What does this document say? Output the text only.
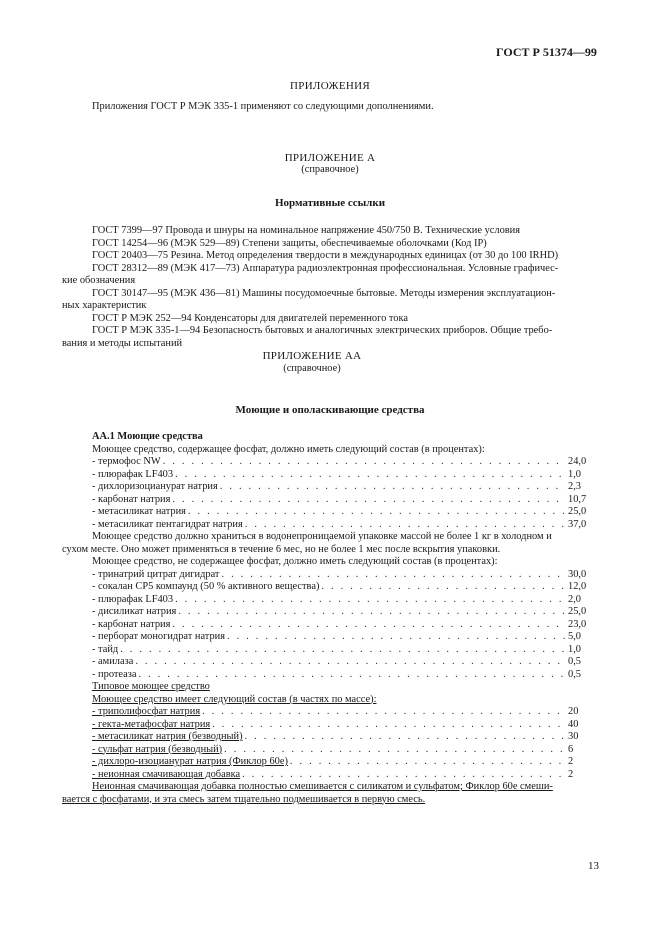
ГОСТ Р 51374—99
ПРИЛОЖЕНИЯ
Приложения ГОСТ Р МЭК 335-1 применяют со следующими дополнениями.
ПРИЛОЖЕНИЕ А
(справочное)
Нормативные ссылки
ГОСТ 7399—97 Провода и шнуры на номинальное напряжение 450/750 В. Технические условия
ГОСТ 14254—96 (МЭК 529—89) Степени защиты, обеспечиваемые оболочками (Код IP)
ГОСТ 20403—75 Резина. Метод определения твердости в международных единицах (от 30 до 100 IRHD)
ГОСТ 28312—89 (МЭК 417—73) Аппаратура радиоэлектронная профессиональная. Условные графичес-
кие обозначения
ГОСТ 30147—95 (МЭК 436—81) Машины посудомоечные бытовые. Методы измерения эксплуатацион-
ных характеристик
ГОСТ Р МЭК 252—94 Конденсаторы для двигателей переменного тока
ГОСТ Р МЭК 335-1—94 Безопасность бытовых и аналогичных электрических приборов. Общие требо-
вания и методы испытаний
ПРИЛОЖЕНИЕ АА
(справочное)
Моющие и ополаскивающие средства
АА.1 Моющие средства
Моющее средство, содержащее фосфат, должно иметь следующий состав (в процентах):
- термофос NW . . .	24,0
- плюрафак LF403 . . .	1,0
- дихлоризоцианурат натрия . . .	2,3
- карбонат натрия . . .	10,7
- метасиликат натрия . . .	25,0
- метасиликат пентагидрат натрия . . .	37,0
Моющее средство должно храниться в водонепроницаемой упаковке массой не более 1 кг в холодном и
сухом месте. Оно может применяться в течение 6 мес, но не более 1 мес после вскрытия упаковки.
Моющее средство, не содержащее фосфат, должно иметь следующий состав (в процентах):
- тринатрий цитрат дигидрат . . .	30,0
- сокалан CP5 компаунд (50 % активного вещества) . . .	12,0
- плюрафак LF403 . . .	2,0
- дисиликат натрия . . .	25,0
- карбонат натрия . . .	23,0
- перборат моногидрат натрия . . .	5,0
- тайд . . .	1,0
- амилаза . . .	0,5
- протеаза . . .	0,5
Типовое моющее средство
Моющее средство имеет следующий состав (в частях по массе):
- триполифосфат натрия . . .	20
- гекта-метафосфат натрия . . .	40
- метасиликат натрия (безводный) . . .	30
- сульфат натрия (безводный) . . .	6
- дихлоро-изоцианурат натрия (Фиклор 60е) . . .	2
- неионная смачивающая добавка . . .	2
Неионная смачивающая добавка полностью смешивается с силикатом и сульфатом; Фиклор 60е смеши-
вается с фосфатами, и эта смесь затем тщательно подмешивается в первую смесь.
13
